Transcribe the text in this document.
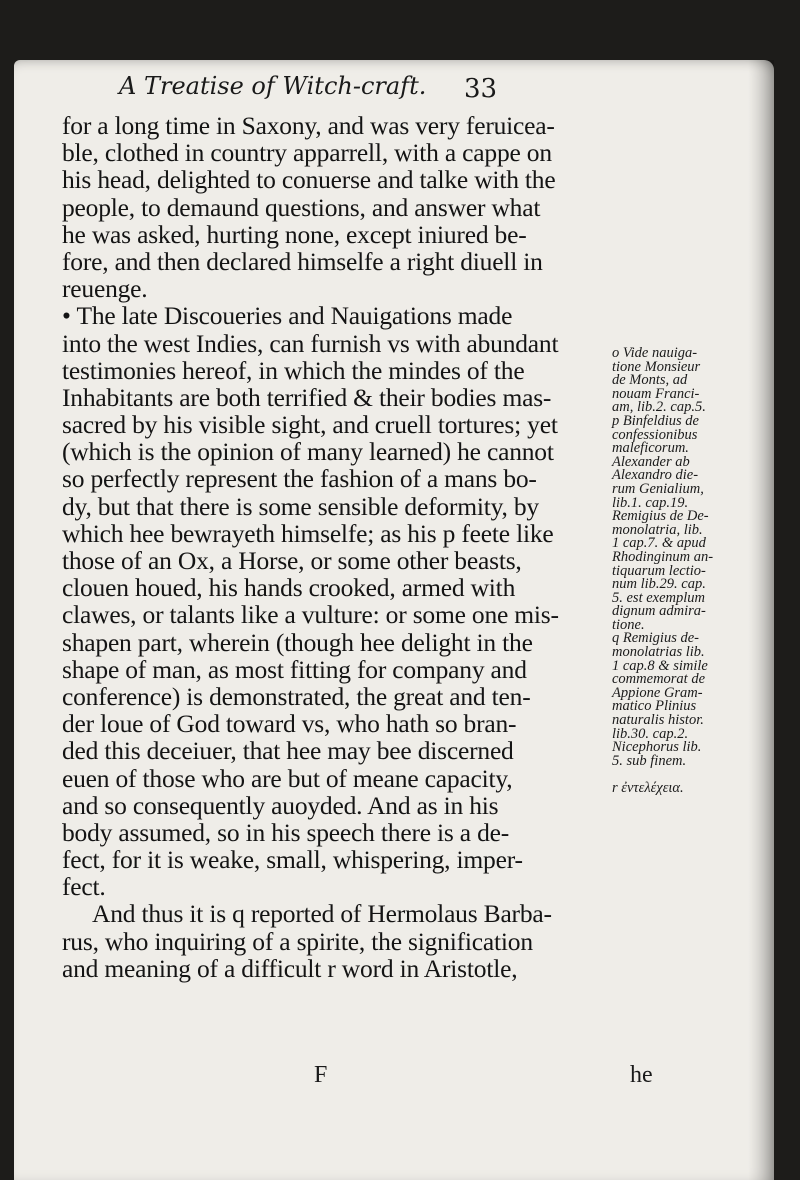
A Treatise of Witch-craft. 33
for a long time in Saxony, and was very feruicea-
ble, clothed in country apparrell, with a cappe on
his head, delighted to conuerse and talke with the
people, to demaund questions, and answer what
he was asked, hurting none, except iniured be-
fore, and then declared himselfe a right diuell in
reuenge.
• The late Discoueries and Nauigations made
into the west Indies, can furnish vs with abundant
testimonies hereof, in which the mindes of the
Inhabitants are both terrified & their bodies mas-
sacred by his visible sight, and cruell tortures; yet
(which is the opinion of many learned) he cannot
so perfectly represent the fashion of a mans bo-
dy, but that there is some sensible deformity, by
which hee bewrayeth himselfe; as his p feete like
those of an Ox, a Horse, or some other beasts,
clouen houed, his hands crooked, armed with
clawes, or talants like a vulture: or some one mis-
shapen part, wherein (though hee delight in the
shape of man, as most fitting for company and
conference) is demonstrated, the great and ten-
der loue of God toward vs, who hath so bran-
ded this deceiuer, that hee may bee discerned
euen of those who are but of meane capacity,
and so consequently auoyded. And as in his
body assumed, so in his speech there is a de-
fect, for it is weake, small, whispering, imper-
fect.
And thus it is q reported of Hermolaus Barba-
rus, who inquiring of a spirite, the signification
and meaning of a difficult r word in Aristotle,
o Vide nauiga-
tione Monsieur
de Monts, ad
nouam Franci-
am, lib.2. cap.5.
p Binfeldius de
confessionibus
maleficorum.
Alexander ab
Alexandro die-
rum Genialium,
lib.1. cap.19.
Remigius de De-
monolatria, lib.
1 cap.7. & apud
Rhodinginum an-
tiquarum lectio-
num lib.29. cap.
5. est exemplum
dignum admira-
tione.
q Remigius de-
monolatrias lib.
1 cap.8 & simile
commemorat de
Appione Gram-
matico Plinius
naturalis histor.
lib.30. cap.2.
Nicephorus lib.
5. sub finem.
r ἐντελέχεια.
F	he
